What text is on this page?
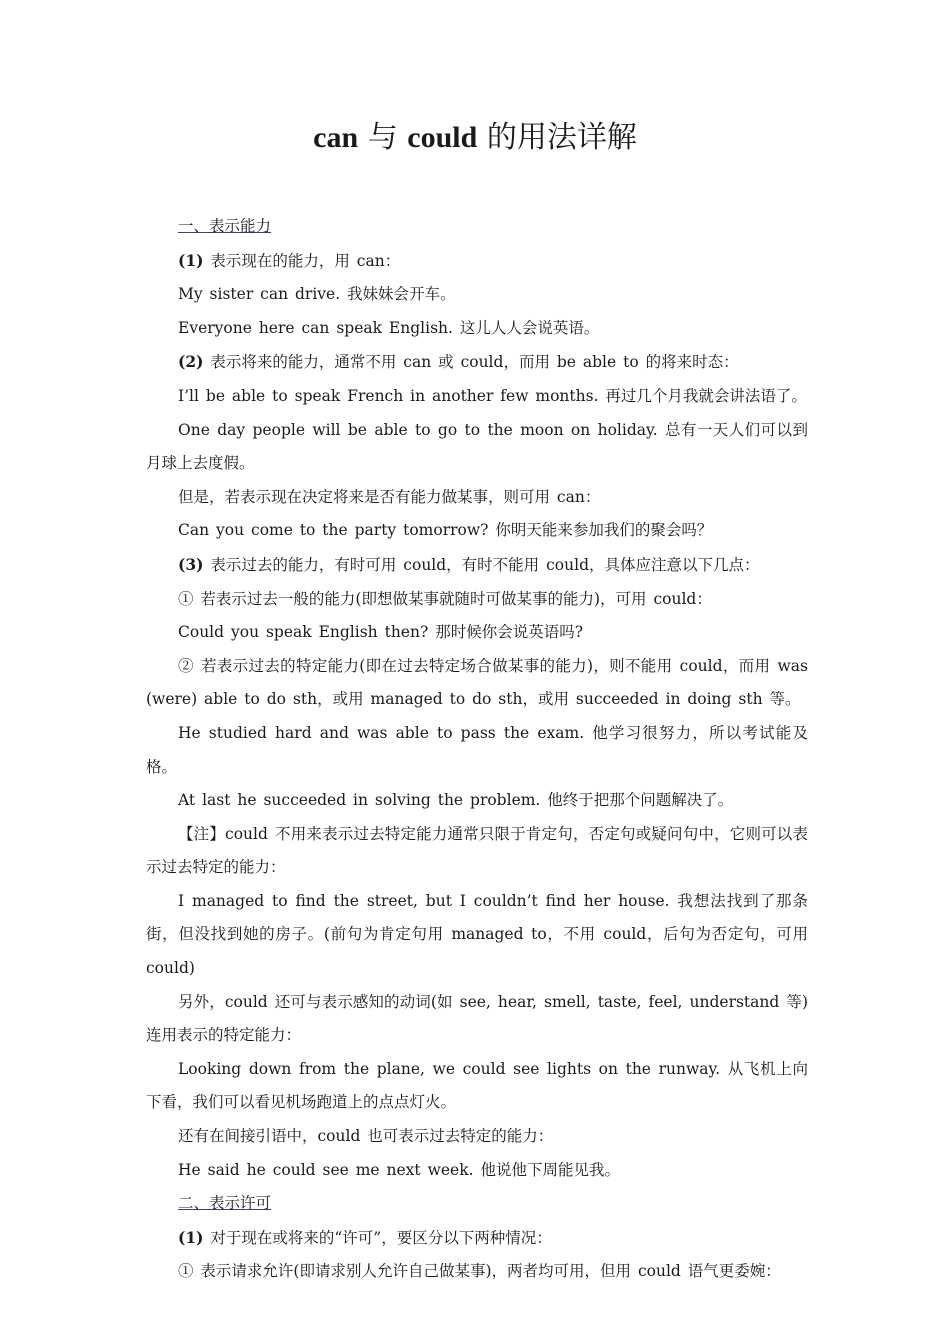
can 与 could 的用法详解

一、表示能力

(1) 表示现在的能力，用 can：

My sister can drive. 我妹妹会开车。

Everyone here can speak English. 这儿人人会说英语。

(2) 表示将来的能力，通常不用 can 或 could，而用 be able to 的将来时态：

I’ll be able to speak French in another few months. 再过几个月我就会讲法语了。

One day people will be able to go to the moon on holiday. 总有一天人们可以到月球上去度假。

但是，若表示现在决定将来是否有能力做某事，则可用 can：

Can you come to the party tomorrow? 你明天能来参加我们的聚会吗？

(3) 表示过去的能力，有时可用 could，有时不能用 could，具体应注意以下几点：

① 若表示过去一般的能力(即想做某事就随时可做某事的能力)，可用 could：

Could you speak English then? 那时候你会说英语吗?

② 若表示过去的特定能力(即在过去特定场合做某事的能力)，则不能用 could，而用 was (were) able to do sth，或用 managed to do sth，或用 succeeded in doing sth 等。

He studied hard and was able to pass the exam. 他学习很努力，所以考试能及格。

At last he succeeded in solving the problem. 他终于把那个问题解决了。

【注】could 不用来表示过去特定能力通常只限于肯定句，否定句或疑问句中，它则可以表示过去特定的能力：

I managed to find the street, but I couldn’t find her house. 我想法找到了那条街，但没找到她的房子。(前句为肯定句用 managed to，不用 could，后句为否定句，可用 could)

另外，could 还可与表示感知的动词(如 see, hear, smell, taste, feel, understand 等)连用表示的特定能力：

Looking down from the plane, we could see lights on the runway. 从飞机上向下看，我们可以看见机场跑道上的点点灯火。

还有在间接引语中，could 也可表示过去特定的能力：

He said he could see me next week. 他说他下周能见我。

二、表示许可

(1) 对于现在或将来的“许可”，要区分以下两种情况：

① 表示请求允许(即请求别人允许自己做某事)，两者均可用，但用 could 语气更委婉：
